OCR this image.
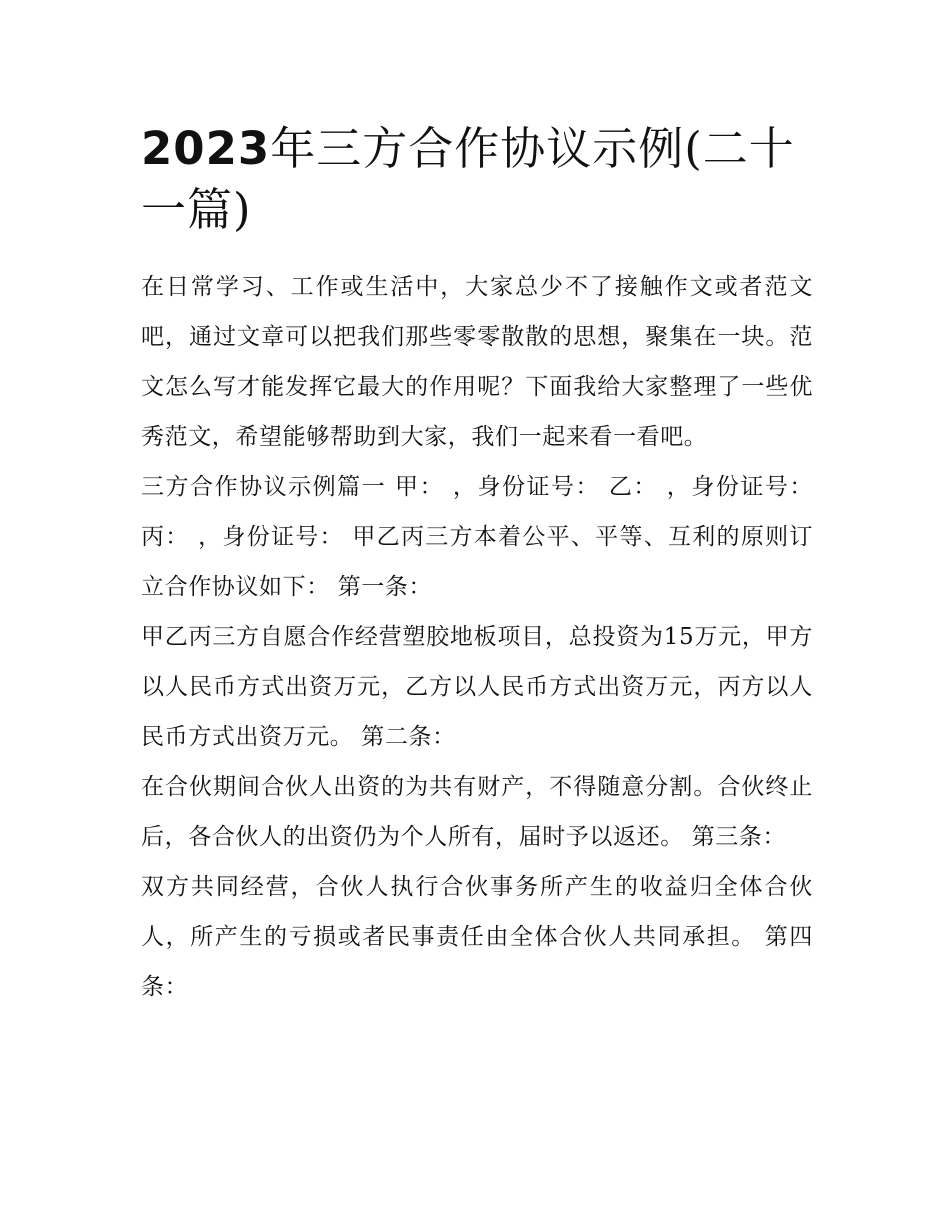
2023年三方合作协议示例(二十一篇)

在日常学习、工作或生活中，大家总少不了接触作文或者范文吧，通过文章可以把我们那些零零散散的思想，聚集在一块。范文怎么写才能发挥它最大的作用呢？下面我给大家整理了一些优秀范文，希望能够帮助到大家，我们一起来看一看吧。

三方合作协议示例篇一 甲： ，身份证号： 乙： ，身份证号： 丙： ，身份证号： 甲乙丙三方本着公平、平等、互利的原则订立合作协议如下： 第一条：

甲乙丙三方自愿合作经营塑胶地板项目，总投资为15万元，甲方以人民币方式出资万元，乙方以人民币方式出资万元，丙方以人民币方式出资万元。 第二条：

在合伙期间合伙人出资的为共有财产，不得随意分割。合伙终止后，各合伙人的出资仍为个人所有，届时予以返还。 第三条：

双方共同经营，合伙人执行合伙事务所产生的收益归全体合伙人，所产生的亏损或者民事责任由全体合伙人共同承担。 第四条：
